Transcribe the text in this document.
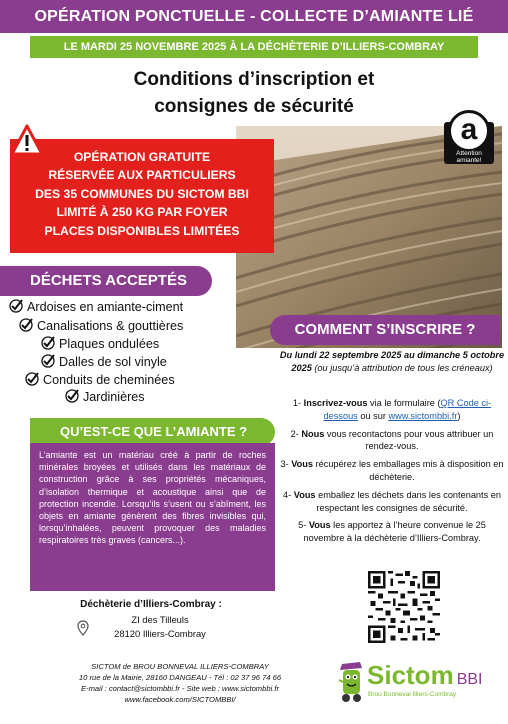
OPÉRATION PONCTUELLE - COLLECTE D’AMIANTE LIÉ
LE MARDI 25 NOVEMBRE 2025 À LA DÉCHÈTERIE D’ILLIERS-COMBRAY
Conditions d’inscription et
consignes de sécurité
a
Attention
amiante!
OPÉRATION GRATUITE
RÉSERVÉE AUX PARTICULIERS
DES 35 COMMUNES DU SICTOM BBI
LIMITÉ À 250 KG PAR FOYER
PLACES DISPONIBLES LIMITÉES
DÉCHETS ACCEPTÉS
Ardoises en amiante-ciment
Canalisations & gouttières
Plaques ondulées
Dalles de sol vinyle
Conduits de cheminées
Jardinières
COMMENT S’INSCRIRE ?
Du lundi 22 septembre 2025 au dimanche 5 octobre 2025 (ou jusqu’à attribution de tous les créneaux)

1- Inscrivez-vous via le formulaire (QR Code ci-dessous ou sur www.sictombbi.fr)

2- Nous vous recontactons pour vous attribuer un rendez-vous.

3- Vous récupérez les emballages mis à disposition en déchèterie.

4- Vous emballez les déchets dans les contenants en respectant les consignes de sécurité.

5- Vous les apportez à l’heure convenue le 25 novembre à la déchèterie d’Illiers-Combray.

QU’EST-CE QUE L’AMIANTE ?
L’amiante est un matériau créé à partir de roches minérales broyées et utilisés dans les matériaux de construction grâce à ses propriétés mécaniques, d’isolation thermique et acoustique ainsi que de protection incendie. Lorsqu’ils s’usent ou s’abîment, les objets en amiante génèrent des fibres invisibles qui, lorsqu’inhalées, peuvent provoquer des maladies respiratoires très graves (cancers...).
Déchèterie d’Illiers-Combray :
ZI des Tilleuls
28120 Illiers-Combray
SICTOM de BROU BONNEVAL ILLIERS-COMBRAY
10 rue de la Mairie, 28160 DANGEAU - Tél : 02 37 96 74 66
E-mail : contact@sictombbi.fr - Site web : www.sictombbi.fr
www.facebook.com/SICTOMBBI/
Sictom BBI
Brou Bonneval Illiers-Combray
